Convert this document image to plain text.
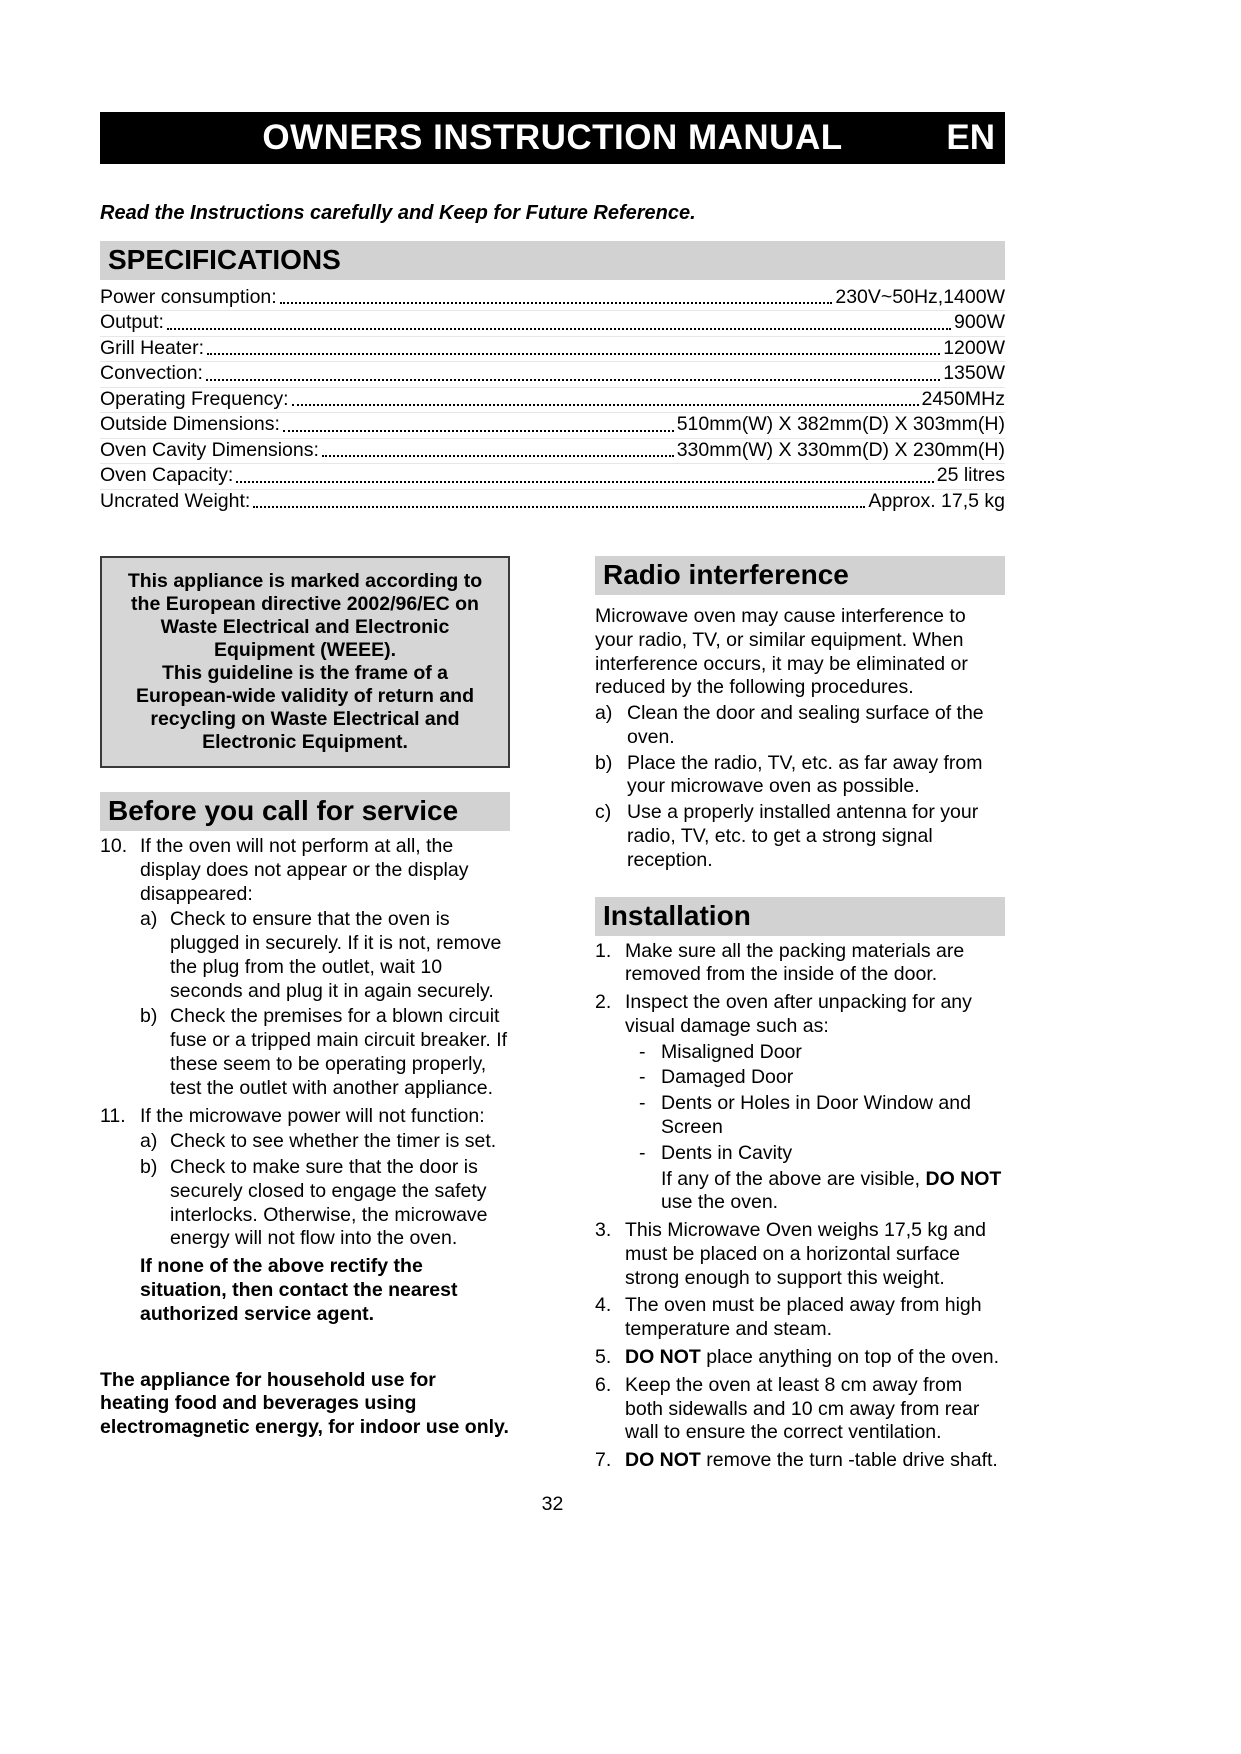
OWNERS INSTRUCTION MANUAL	EN

Read the Instructions carefully and Keep for Future Reference.

SPECIFICATIONS
Power consumption:	230V~50Hz,1400W
Output:	900W
Grill Heater:	1200W
Convection:	1350W
Operating Frequency:	2450MHz
Outside Dimensions:	510mm(W) X 382mm(D) X 303mm(H)
Oven Cavity Dimensions:	330mm(W) X 330mm(D) X 230mm(H)
Oven Capacity:	25 litres
Uncrated Weight:	Approx. 17,5 kg

This appliance is marked according to the European directive 2002/96/EC on Waste Electrical and Electronic Equipment (WEEE).

This guideline is the frame of a European-wide validity of return and recycling on Waste Electrical and Electronic Equipment.

Before you call for service
10. If the oven will not perform at all, the display does not appear or the display disappeared:

a) Check to ensure that the oven is plugged in securely. If it is not, remove the plug from the outlet, wait 10 seconds and plug it in again securely.

b) Check the premises for a blown circuit fuse or a tripped main circuit breaker. If these seem to be operating properly, test the outlet with another appliance.

11. If the microwave power will not function:

a) Check to see whether the timer is set.

b) Check to make sure that the door is securely closed to engage the safety interlocks. Otherwise, the microwave energy will not flow into the oven.

If none of the above rectify the situation, then contact the nearest authorized service agent.

The appliance for household use for heating food and beverages using electromagnetic energy, for indoor use only.

Radio interference

Microwave oven may cause interference to your radio, TV, or similar equipment. When interference occurs, it may be eliminated or reduced by the following procedures.

a) Clean the door and sealing surface of the oven.

b) Place the radio, TV, etc. as far away from your microwave oven as possible.

c) Use a properly installed antenna for your radio, TV, etc. to get a strong signal reception.

Installation
1. Make sure all the packing materials are removed from the inside of the door.

2. Inspect the oven after unpacking for any visual damage such as:

- Misaligned Door

- Damaged Door

- Dents or Holes in Door Window and Screen

- Dents in Cavity

If any of the above are visible, DO NOT use the oven.

3. This Microwave Oven weighs 17,5 kg and must be placed on a horizontal surface strong enough to support this weight.

4. The oven must be placed away from high temperature and steam.

5. DO NOT place anything on top of the oven.

6. Keep the oven at least 8 cm away from both sidewalls and 10 cm away from rear wall to ensure the correct ventilation.

7. DO NOT remove the turn -table drive shaft.

32
